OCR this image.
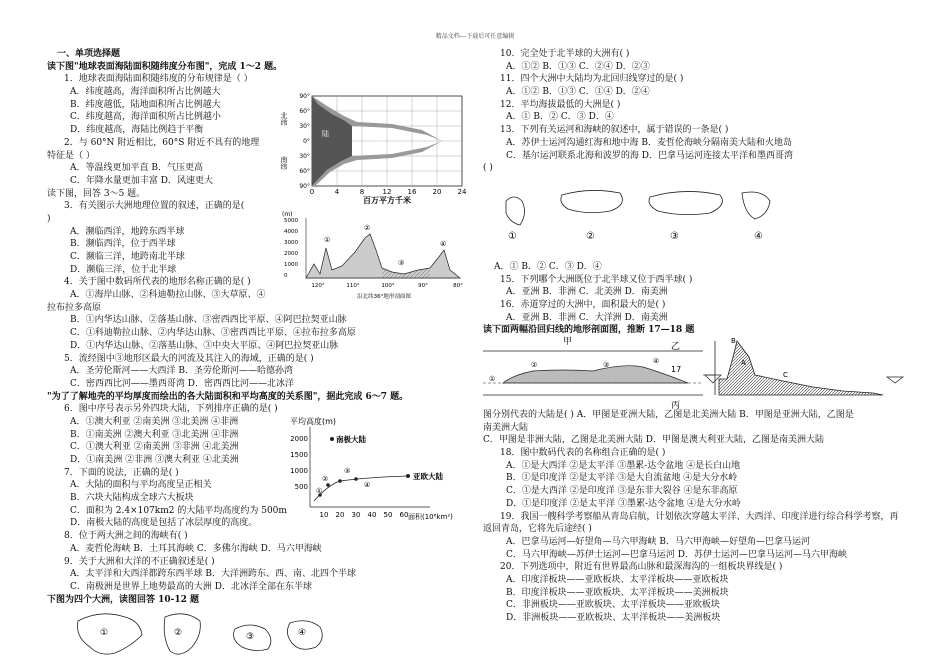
精品文档---下载后可任意编辑
一、单项选择题
读下图"地球表面海陆面积随纬度分布图"，完成 1～2 题。
1．地球表面海陆面积随纬度的分布规律是（ ）
A．纬度越高，海洋面积所占比例越大
B．纬度越低，陆地面积所占比例越大
C．纬度越高，海洋面积所占比例越小
D．纬度越高，海陆比例趋于平衡
2．与 60°N 附近相比，60°S 附近不具有的地理
特征是（ ）
A．等温线更加平直 B．气压更高
C．年降水量更加丰富 D．风速更大
读下图，回答 3～5 题。
3．有关图示大洲地理位置的叙述，正确的是(
)
A．濒临西洋，地跨东西半球
B．濒临西洋，位于西半球
C．濒临三洋，地跨南北半球
D．濒临三洋，位于北半球
4．关于图中数码所代表的地形名称正确的是( )
A．①海岸山脉、②科迪勒拉山脉、③大草原、④
拉布拉多高原
B．①内华达山脉、②落基山脉、③密西西比平原、④阿巴拉契亚山脉
C．①科迪勒拉山脉、②内华达山脉、③密西西比平原、④拉布拉多高原
D．①内华达山脉、②落基山脉、③中央大平原、④阿巴拉契亚山脉
5．流经图中③地形区最大的河流及其注入的海域，正确的是( )
A．圣劳伦斯河——大西洋 B．圣劳伦斯河——哈德孙湾
C．密西西比河——墨西哥湾 D．密西西比河——北冰洋
"为了了解地壳的平均厚度而绘出的各大陆面积和平均高度的关系图"，据此完成 6～7 题。
6．图中序号表示另外四块大陆，下列排序正确的是( )
A．①澳大利亚 ②南美洲 ③北美洲 ④非洲
B．①南美洲 ②澳大利亚 ③北美洲 ④非洲
C．①澳大利亚 ②南美洲 ③非洲 ④北美洲
D．①南美洲 ②非洲 ③澳大利亚 ④北美洲
7．下面的说法，正确的是( )
A．大陆的面积与平均高度呈正相关
B．六块大陆构成全球六大板块
C．面积为 2.4×107km2 的大陆平均高度约为 500m
D．南极大陆的高度是包括了冰层厚度的高度。
8．位于两大洲之间的海峡有( )
A．麦哲伦海峡 B．土耳其海峡 C．多佛尔海峡 D．马六甲海峡
9．关于大洲和大洋的不正确叙述是( )
A．太平洋和大西洋都跨东西半球 B．大洋洲跨东、西、南、北四个半球
C．南极洲是世界上地势最高的大洲 D．北冰洋全部在东半球
下图为四个大洲，读图回答 10-12 题
10．完全处于北半球的大洲有( )
A．①② B．①③ C．②④ D．②③
11．四个大洲中大陆均为北回归线穿过的是( )
A．①② B．①③ C．①④ D．②④
12．平均海拔最低的大洲是( )
A．① B．② C．③ D．④
13．下列有关运河和海峡的叙述中，属于错误的一条是( )
A．苏伊士运河沟通红海和地中海 B．麦哲伦海峡分隔南美大陆和火地岛
C．基尔运河联系北海和波罗的海 D．巴拿马运河连接太平洋和墨西哥湾
( )
A．① B．② C．③ D．④
15．下列哪个大洲既位于北半球又位于西半球( )
A．亚洲 B．非洲 C．北美洲 D．南美洲
16．赤道穿过的大洲中，面积最大的是( )
A．亚洲 B．非洲 C．大洋洲 D．南美洲
读下面两幅沿回归线的地形剖面图，推断 17—18 题
图分别代表的大陆是( ) A．甲图是亚洲大陆，乙图是北美洲大陆 B．甲图是亚洲大陆，乙图是
南美洲大陆
C．甲图是非洲大陆，乙图是北美洲大陆 D．甲图是澳大利亚大陆，乙图是南美洲大陆
18．图中数码代表的名称组合正确的是( )
A．①是大西洋 ②是太平洋 ③墨累-达令盆地 ④是长白山地
B．①是印度洋 ②是太平洋 ③是大自流盆地 ④是大分水岭
C．①是大西洋 ②是印度洋 ③是东非大裂谷 ④是东非高原
D．①是印度洋 ②是太平洋 ③墨累-达令盆地 ④是大分水岭
19．我国一艘科学考察船从青岛启航，计划依次穿越太平洋、大西洋、印度洋进行综合科学考察，再
返回青岛，它将先后途经( )
A．巴拿马运河—好望角—马六甲海峡 B．马六甲海峡—好望角—巴拿马运河
C．马六甲海峡—苏伊士运河—巴拿马运河 D．苏伊士运河—巴拿马运河—马六甲海峡
20．下列选项中，附近有世界最高山脉和最深海沟的一组板块界线是( )
A．印度洋板块——亚欧板块、太平洋板块——亚欧板块
B．印度洋板块——亚欧板块、太平洋板块——美洲板块
C．非洲板块——亚欧板块、太平洋板块——亚欧板块
D．非洲板块——亚欧板块、太平洋板块——美洲板块
陆
海
北纬
南纬
90°
60°
30°
0°
30°
60°
90°
0	4	8	12 16 20 24
百万平方千米
(m)
5000
4000
3000
2000
1000
0
①
②
③
④
120°	110°	100°	90°	80°
沿北纬36°地形剖面图
平均高度(m)
2000
1500
1000
500
10 20 30 40 50 60 面积(10⁶km²)
南极大陆
亚欧大陆
①
②
③
④
①	②	③	④
①	②	③	④
甲	乙
17
丙
①
②	③	④	A
B
C
